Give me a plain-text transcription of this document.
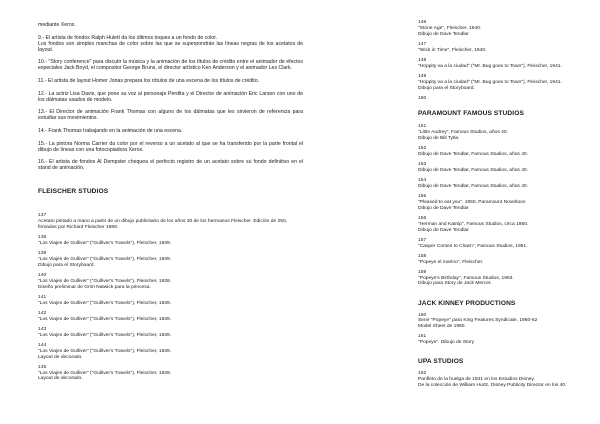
mediante Xerox.

9.- El artista de fondos Ralph Hulett da los últimos toques a un fondo de color.
Los fondos son simples manchas de color sobre las que se superpondrán las líneas negras de los acetatos de layout.

10.- "Story conference" para discutir la música y la animación de los títulos de crédito entre el animador de efectos especiales Jack Boyd, el compositor George Bruns, el director artístico Ken Anderson y el animador Les Clark.

11.- El artista de layout Homer Jonas prepara los rótulos de una escena de los títulos de crédito.

12.- La actriz Lisa Davis, que pone su voz al personaje Perdita y el Director de animación Eric Larson con uno de los dálmatas usados de modelo.

13.- El Director de animación Frank Thomas con alguno de los dálmatas que les sirvieron de referencia para estudiar sus movimientos.

14.- Frank Thomas trabajando en la animación de una escena.

15.- La pintora Norma Carrier da color por el reverso a un acetato al que se ha transferido por la parte frontal el dibujo de líneas con una fotocopiadora Xerox.

16.- El artista de fondos Al Dempster chequea el perfecto registro de un acetato sobre su fondo definitivo en el stand de animación.

FLEISCHER STUDIOS
137
Acetato pintado a mano a partir de un dibujo publicitario de los años 30 de los hermanos Fleischer. Edición de 250, firmados por Richard Fleischer 1989.
138
"Los Viajes de Gulliver" ("Gulliver's Travels"), Fleischer, 1939.
139
"Los Viajes de Gulliver" ("Gulliver's Travels"), Fleischer, 1939.
Dibujo para el Storyboard.
140
"Los Viajes de Gulliver" ("Gulliver's Travels"), Fleischer, 1939.
Diseño preliminar de Grim Natwick para la princesa.
141
"Los Viajes de Gulliver" ("Gulliver's Travels"), Fleischer, 1939.
142
"Los Viajes de Gulliver" ("Gulliver's Travels"), Fleischer, 1939.
143
"Los Viajes de Gulliver" ("Gulliver's Travels"), Fleischer, 1939.
144
"Los Viajes de Gulliver" ("Gulliver's Travels"), Fleischer, 1939.
Layout de decorado.
145
"Los Viajes de Gulliver" ("Gulliver's Travels"), Fleischer, 1939.
Layout de decorado.
146
"Stone Age", Fleischer, 1940.
Dibujo de Dave Tendlar
147
"Wick in Time", Fleischer, 1940.
148
"Hoppity va a la ciudad" ("Mr. Bug goes to Town"), Fleischer, 1941.
149
"Hoppity va a la ciudad" ("Mr. Bug goes to Town"), Fleischer, 1941.
Dibujo para el Storyboard.
150
PARAMOUNT FAMOUS STUDIOS
151
"Little Audrey", Famous Studios, años 40.
Dibujo de Bill Tytla.
152
Dibujo de Dave Tendlar, Famous Studios, años 40.
153
Dibujo de Dave Tendlar, Famous Studios, años 40.
154
Dibujo de Dave Tendlar, Famous Studios, años 40.
155
"Pleased to eat you", 1950, Paramount Noveltoon
Dibujo de Dave Tendlar
156
"Herman and Katnip", Famous Studios, circa 1950.
Dibujo de Dave Tendlar
157
"Casper Comes to Clown", Famous Studios, 1951.
158
"Popeye el marino", Fleischer.
159
"Popeye's Birthday", Famous Studios, 1953.
Dibujo para Story de Jack Mercer.
JACK KINNEY PRODUCTIONS
160
Serie "Popeye" para King Features Syndicate, 1960-62
Model Sheet de 1960.
161
"Popeye". Dibujo de Story
UPA STUDIOS
162
Panfleto de la huelga de 1941 en los Estudios Disney.
De la colección de William Hurtz, Disney Publicity Director en los 40.
